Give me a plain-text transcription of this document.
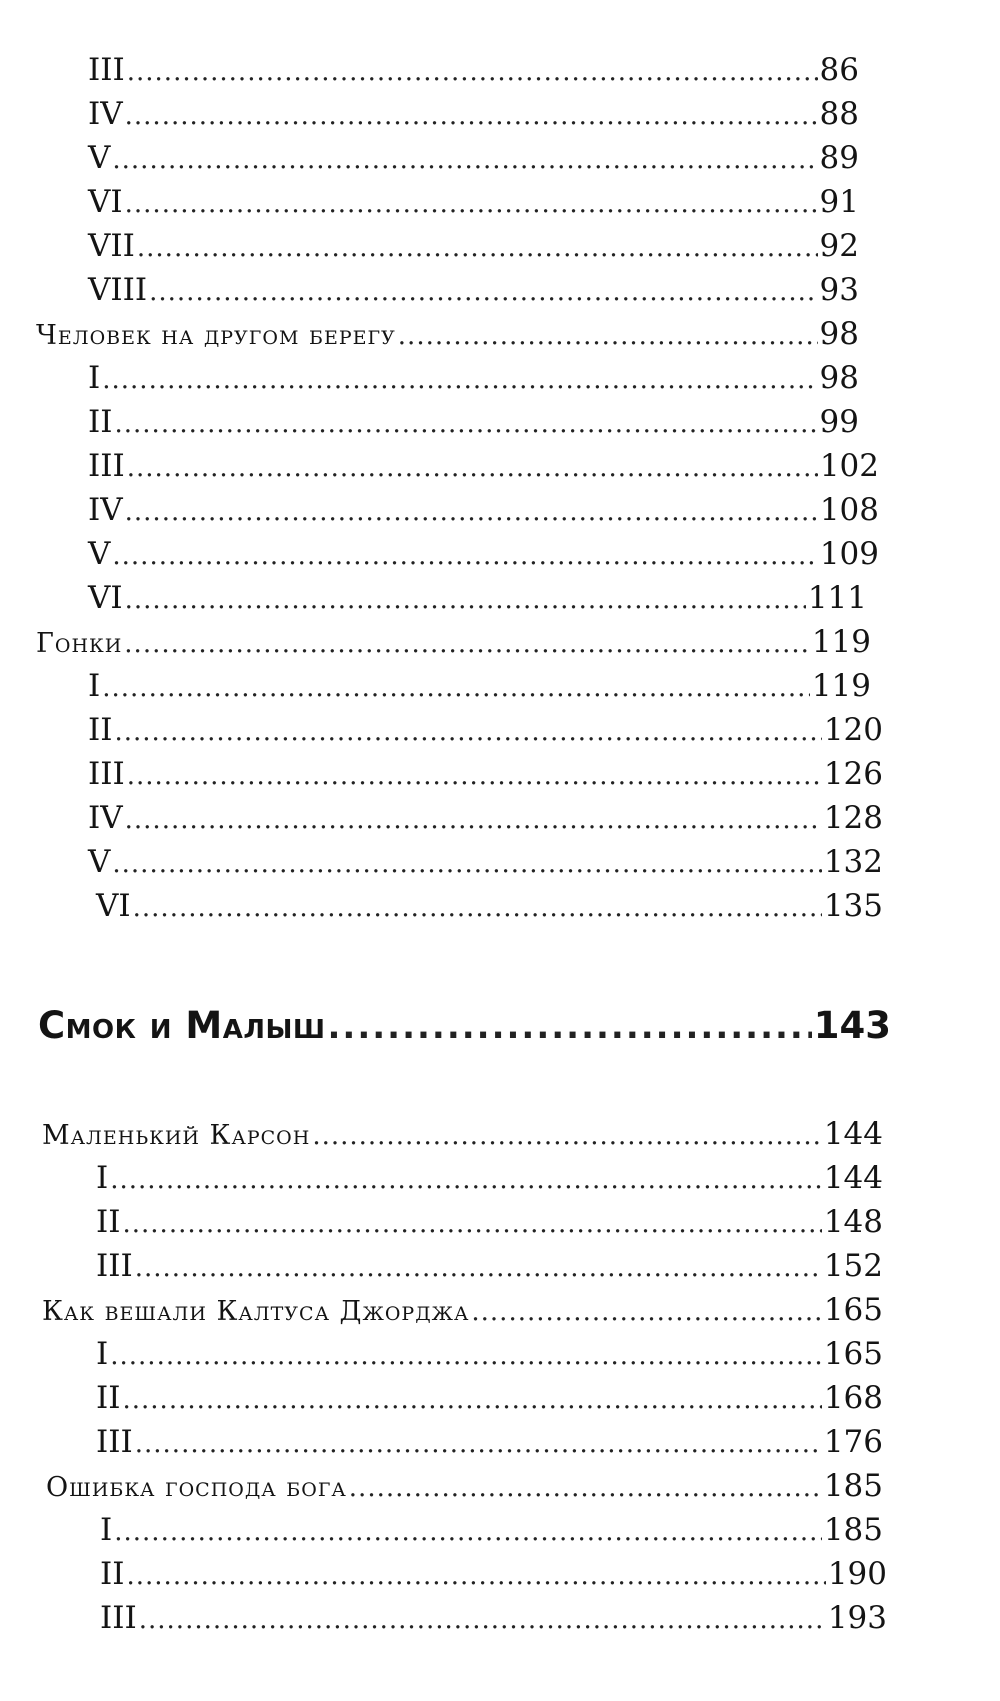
III .....	86
IV .....	88
V .....	89
VI .....	91
VII .....	92
VIII .....	93
Человек на другом берегу .....	98
I .....	98
II .....	99
III .....	102
IV .....	108
V .....	109
VI .....	111
Гонки .....	119
I .....	119
II .....	120
III .....	126
IV .....	128
V .....	132
VI .....	135
Смок и Малыш .....	143
Маленький Карсон .....	144
I .....	144
II .....	148
III .....	152
Как вешали Калтуса Джорджа .....	165
I .....	165
II .....	168
III .....	176
Ошибка господа бога .....	185
I .....	185
II .....	190
III .....	193
